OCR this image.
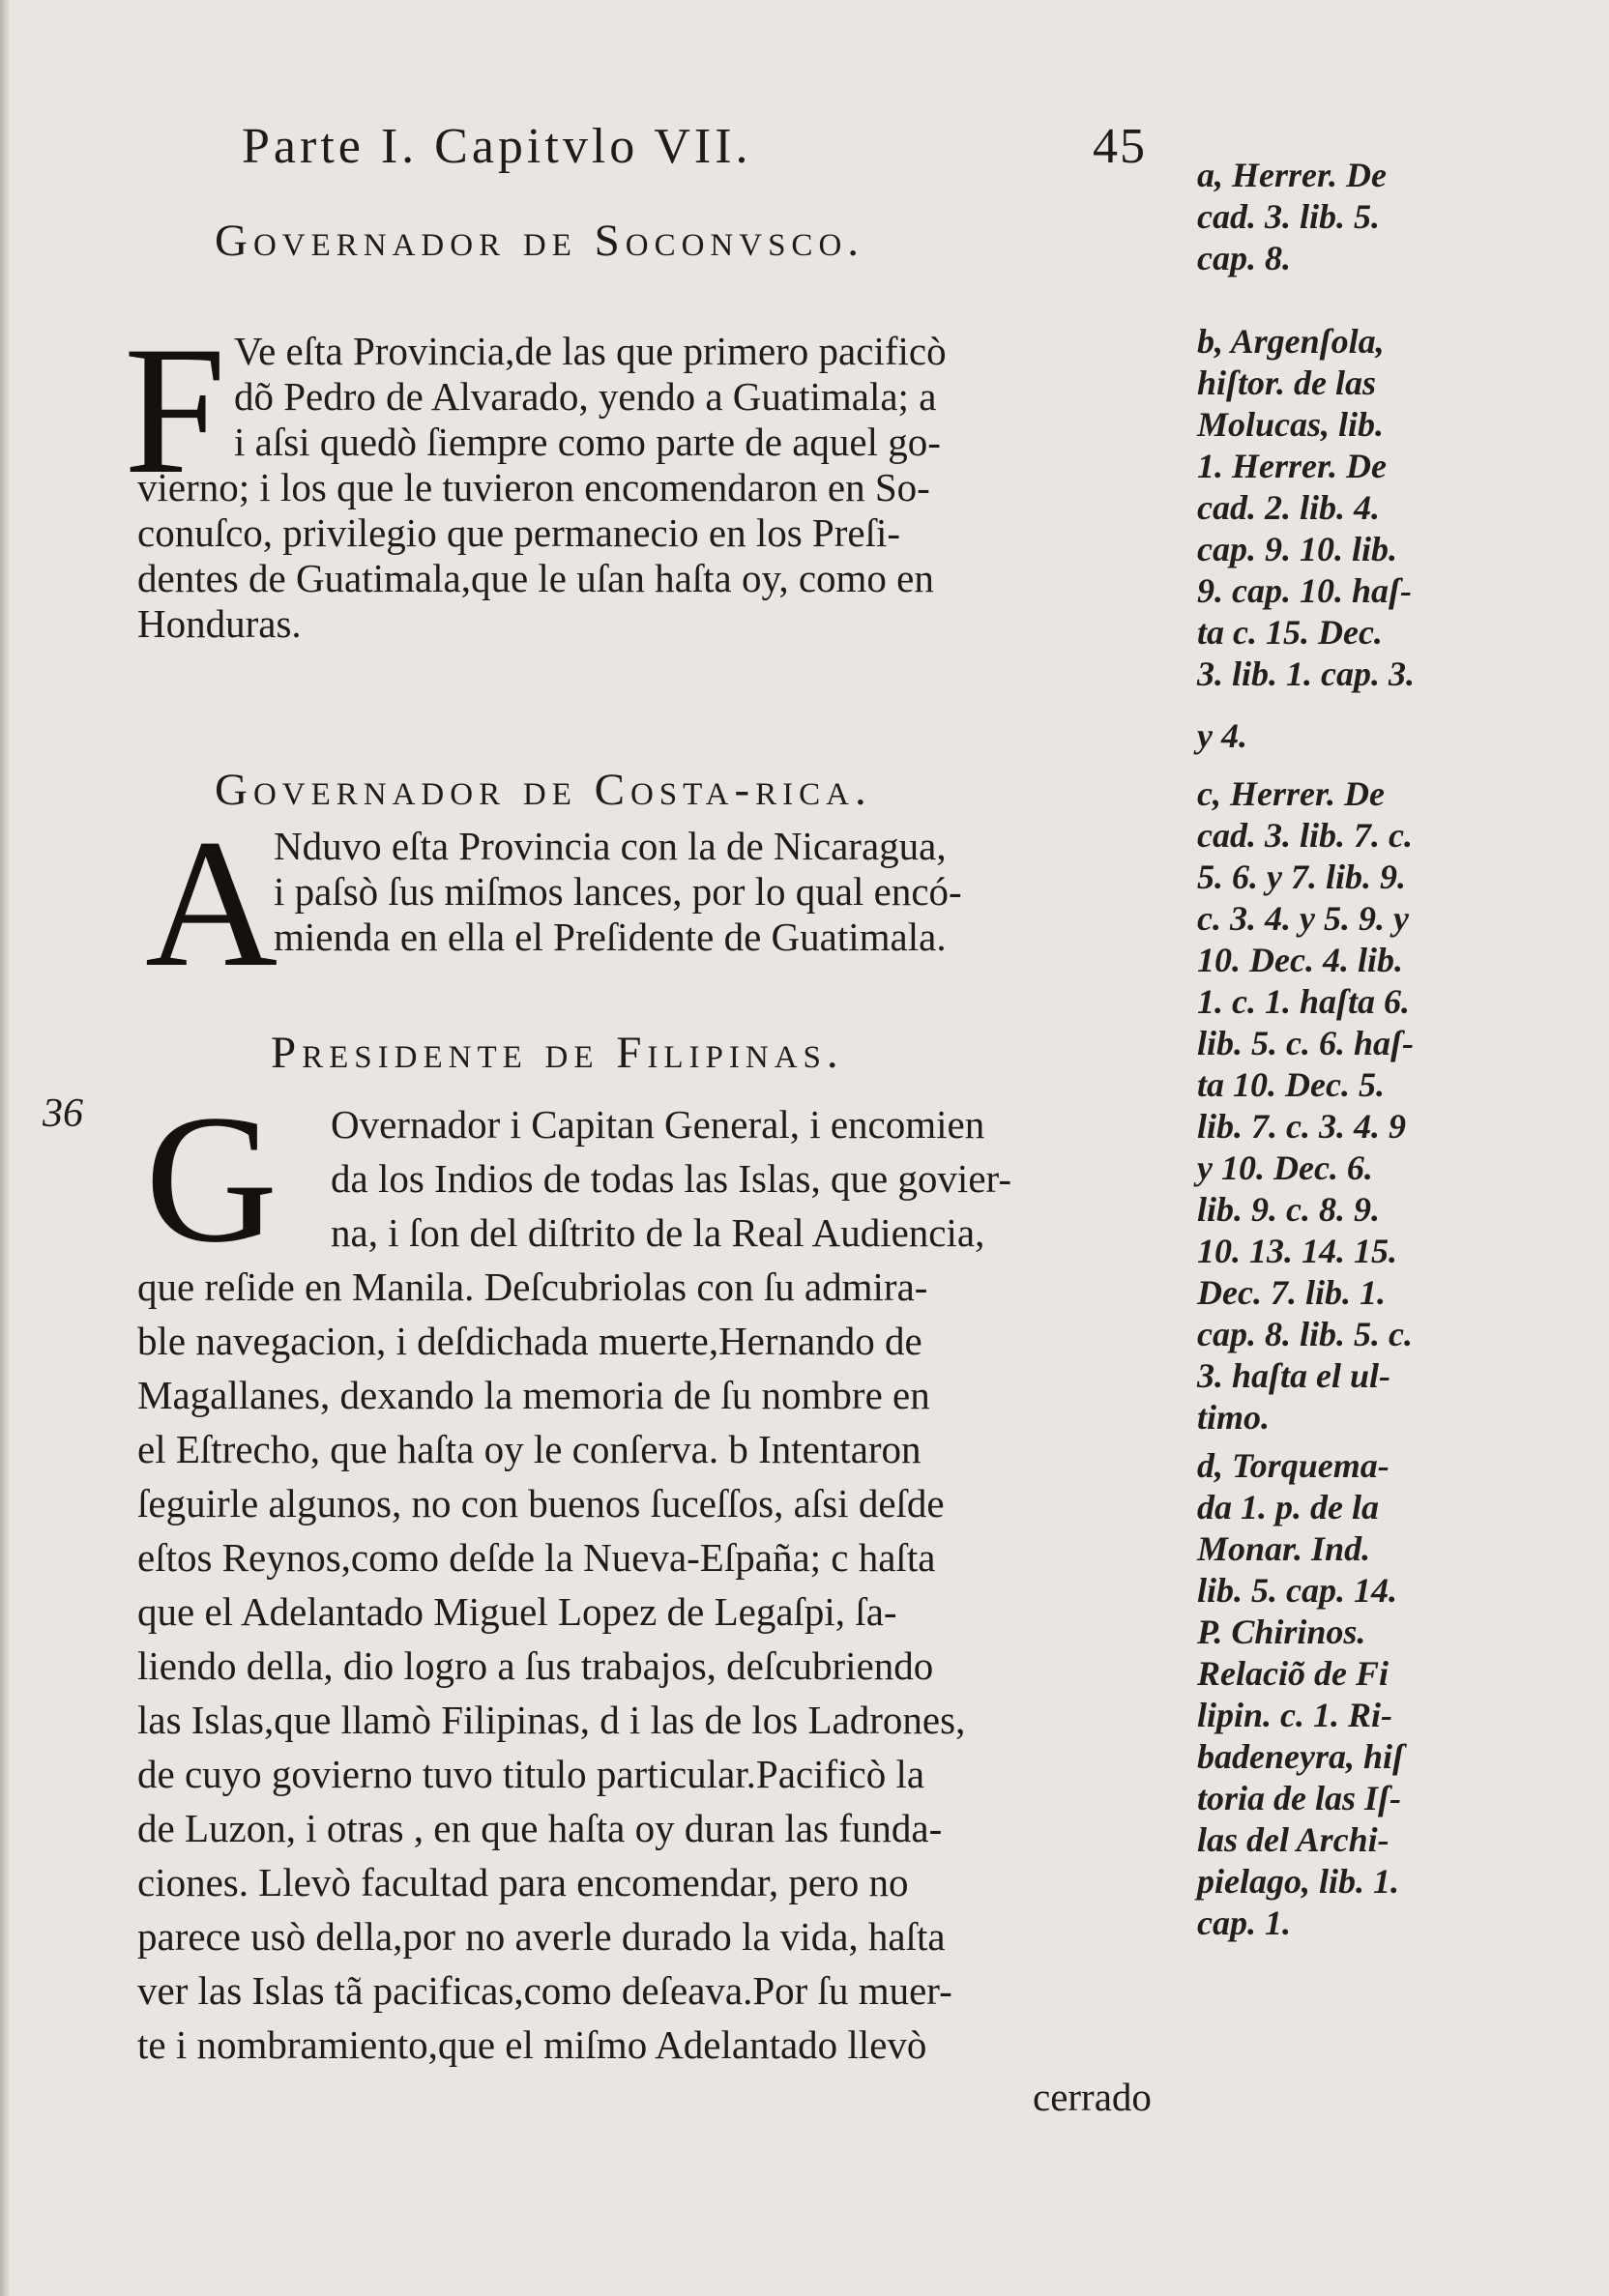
Parte I. Capitvlo VII.	45
Governador de Soconvsco.
F Ve eſta Provincia,de las que primero pacificò
dõ Pedro de Alvarado, yendo a Guatimala; a
i aſsi quedò ſiempre como parte de aquel go-
vierno; i los que le tuvieron encomendaron en So-
conuſco, privilegio que permanecio en los Preſi-
dentes de Guatimala,que le uſan haſta oy, como en
Honduras.
Governador de Costa-rica.
A
Nduvo eſta Provincia con la de Nicaragua,
i paſsò ſus miſmos lances, por lo qual encó-
mienda en ella el Preſidente de Guatimala.
Presidente de Filipinas.
36 G Overnador i Capitan General, i encomien
da los Indios de todas las Islas, que govier-
na, i ſon del diſtrito de la Real Audiencia,
que reſide en Manila. Deſcubriolas con ſu admira-
ble navegacion, i deſdichada muerte,Hernando de
Magallanes, dexando la memoria de ſu nombre en
el Eſtrecho, que haſta oy le conſerva. b Intentaron
ſeguirle algunos, no con buenos ſuceſſos, aſsi deſde
eſtos Reynos,como deſde la Nueva-Eſpaña; c haſta
que el Adelantado Miguel Lopez de Legaſpi, ſa-
liendo della, dio logro a ſus trabajos, deſcubriendo
las Islas,que llamò Filipinas, d i las de los Ladrones,
de cuyo govierno tuvo titulo particular.Pacificò la
de Luzon, i otras , en que haſta oy duran las funda-
ciones. Llevò facultad para encomendar, pero no
parece usò della,por no averle durado la vida, haſta
ver las Islas tã pacificas,como deſeava.Por ſu muer-
te i nombramiento,que el miſmo Adelantado llevò
cerrado
a, Herrer. De
cad. 3. lib. 5.
cap. 8.
b, Argenſola,
hiſtor. de las
Molucas, lib.
1. Herrer. De
cad. 2. lib. 4.
cap. 9. 10. lib.
9. cap. 10. haſ-
ta c. 15. Dec.
3. lib. 1. cap. 3.
y 4.
c, Herrer. De
cad. 3. lib. 7. c.
5. 6. y 7. lib. 9.
c. 3. 4. y 5. 9. y
10. Dec. 4. lib.
1. c. 1. haſta 6.
lib. 5. c. 6. haſ-
ta 10. Dec. 5.
lib. 7. c. 3. 4. 9
y 10. Dec. 6.
lib. 9. c. 8. 9.
10. 13. 14. 15.
Dec. 7. lib. 1.
cap. 8. lib. 5. c.
3. haſta el ul-
timo.
d, Torquema-
da 1. p. de la
Monar. Ind.
lib. 5. cap. 14.
P. Chirinos.
Relaciõ de Fi
lipin. c. 1. Ri-
badeneyra, hiſ
toria de las Iſ-
las del Archi-
pielago, lib. 1.
cap. 1.
